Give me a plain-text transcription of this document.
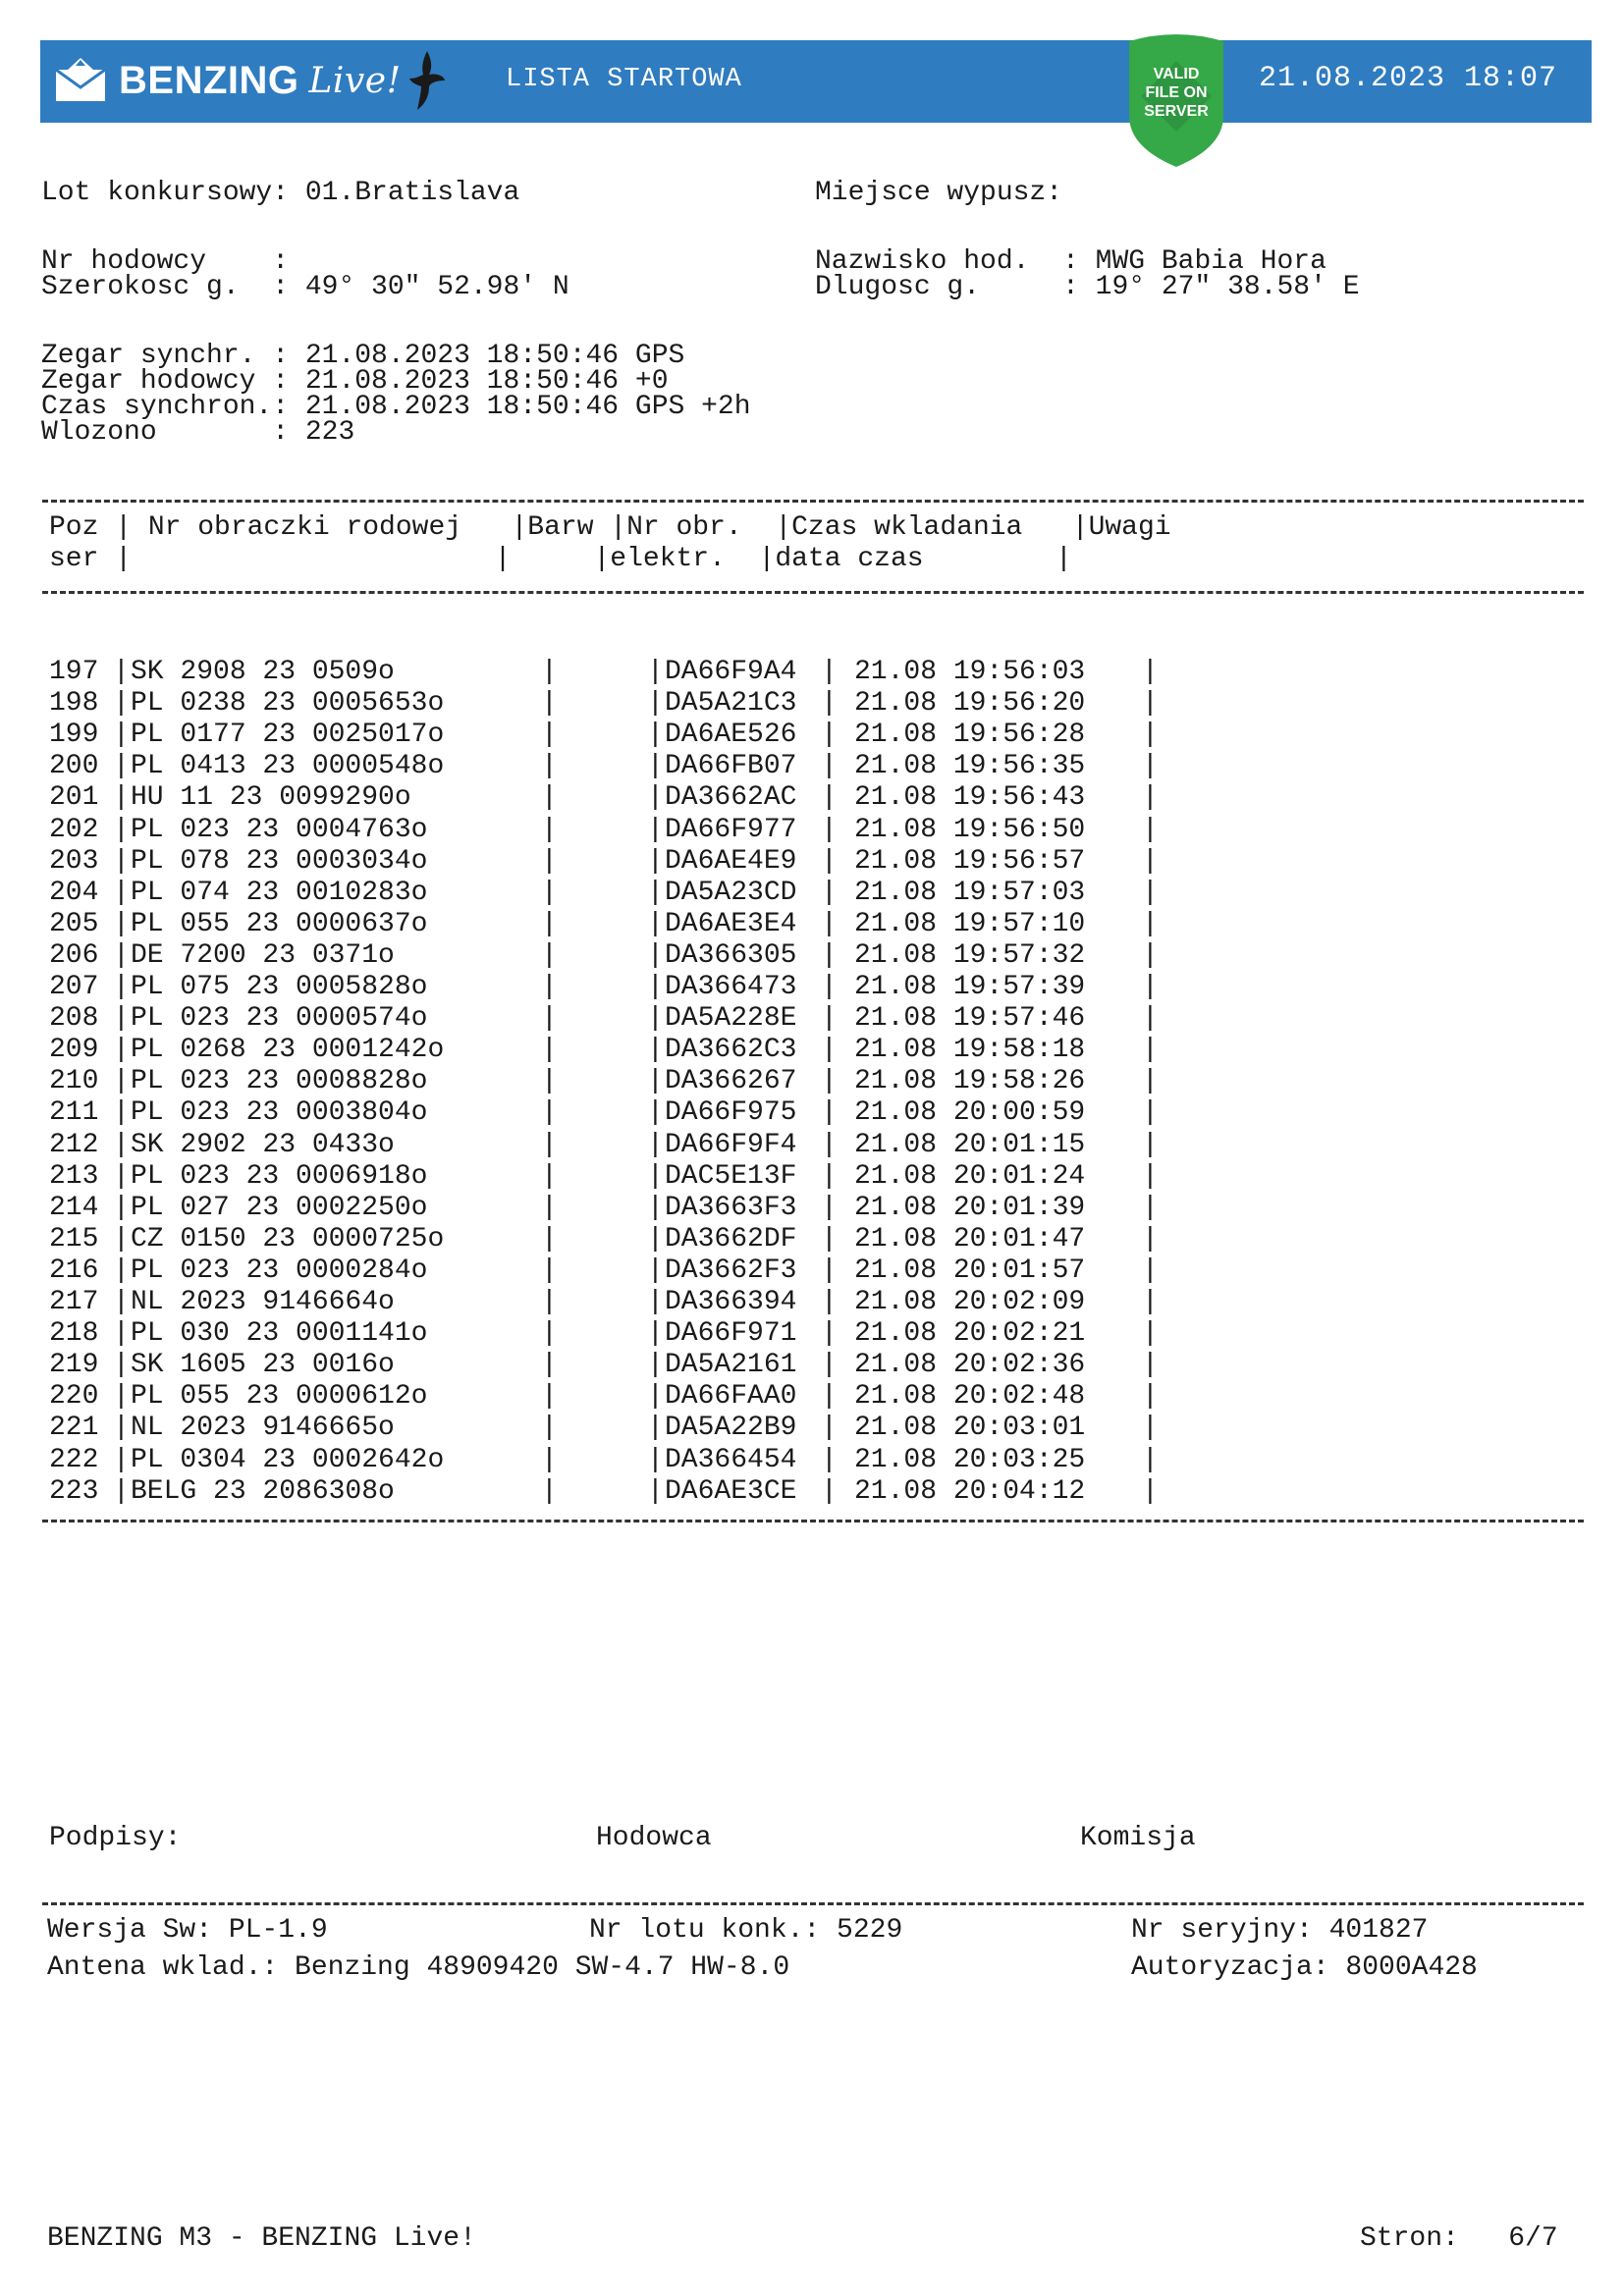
BENZING Live!	LISTA STARTOWA	VALID
FILE ON
SERVER
21.08.2023 18:07
Lot konkursowy: 01.Bratislava	Miejsce wypusz:
Nr hodowcy    :
Szerokosc g.  : 49° 30" 52.98' N
Nazwisko hod.  : MWG Babia Hora
Dlugosc g.     : 19° 27" 38.58' E
Zegar synchr. : 21.08.2023 18:50:46 GPS
Zegar hodowcy : 21.08.2023 18:50:46 +0
Czas synchron.: 21.08.2023 18:50:46 GPS +2h
Wlozono       : 223
Poz | Nr obraczki rodowej   |Barw |Nr obr.  |Czas wkladania   |Uwagi
ser |                      |     |elektr.  |data czas        |
197 | SK 2908 23 0509o	|	| DA66F9A4 | 21.08 19:56:03 |
198 | PL 0238 23 0005653o	|	| DA5A21C3 | 21.08 19:56:20 |
199 | PL 0177 23 0025017o	|	| DA6AE526 | 21.08 19:56:28 |
200 | PL 0413 23 0000548o	|	| DA66FB07 | 21.08 19:56:35 |
201 | HU 11 23 0099290o	|	| DA3662AC | 21.08 19:56:43 |
202 | PL 023 23 0004763o	|	| DA66F977 | 21.08 19:56:50 |
203 | PL 078 23 0003034o	|	| DA6AE4E9 | 21.08 19:56:57 |
204 | PL 074 23 0010283o	|	| DA5A23CD | 21.08 19:57:03 |
205 | PL 055 23 0000637o	|	| DA6AE3E4 | 21.08 19:57:10 |
206 | DE 7200 23 0371o	|	| DA366305 | 21.08 19:57:32 |
207 | PL 075 23 0005828o	|	| DA366473 | 21.08 19:57:39 |
208 | PL 023 23 0000574o	|	| DA5A228E | 21.08 19:57:46 |
209 | PL 0268 23 0001242o	|	| DA3662C3 | 21.08 19:58:18 |
210 | PL 023 23 0008828o	|	| DA366267 | 21.08 19:58:26 |
211 | PL 023 23 0003804o	|	| DA66F975 | 21.08 20:00:59 |
212 | SK 2902 23 0433o	|	| DA66F9F4 | 21.08 20:01:15 |
213 | PL 023 23 0006918o	|	| DAC5E13F | 21.08 20:01:24 |
214 | PL 027 23 0002250o	|	| DA3663F3 | 21.08 20:01:39 |
215 | CZ 0150 23 0000725o	|	| DA3662DF | 21.08 20:01:47 |
216 | PL 023 23 0000284o	|	| DA3662F3 | 21.08 20:01:57 |
217 | NL 2023 9146664o	|	| DA366394 | 21.08 20:02:09 |
218 | PL 030 23 0001141o	|	| DA66F971 | 21.08 20:02:21 |
219 | SK 1605 23 0016o	|	| DA5A2161 | 21.08 20:02:36 |
220 | PL 055 23 0000612o	|	| DA66FAA0 | 21.08 20:02:48 |
221 | NL 2023 9146665o	|	| DA5A22B9 | 21.08 20:03:01 |
222 | PL 0304 23 0002642o	|	| DA366454 | 21.08 20:03:25 |
223 | BELG 23 2086308o	|	| DA6AE3CE | 21.08 20:04:12 |
Podpisy:	Hodowca	Komisja
Wersja Sw: PL-1.9	Nr lotu konk.: 5229	Nr seryjny: 401827
Antena wklad.: Benzing 48909420 SW-4.7 HW-8.0	Autoryzacja: 8000A428
BENZING M3 - BENZING Live!	Stron:   6/7
